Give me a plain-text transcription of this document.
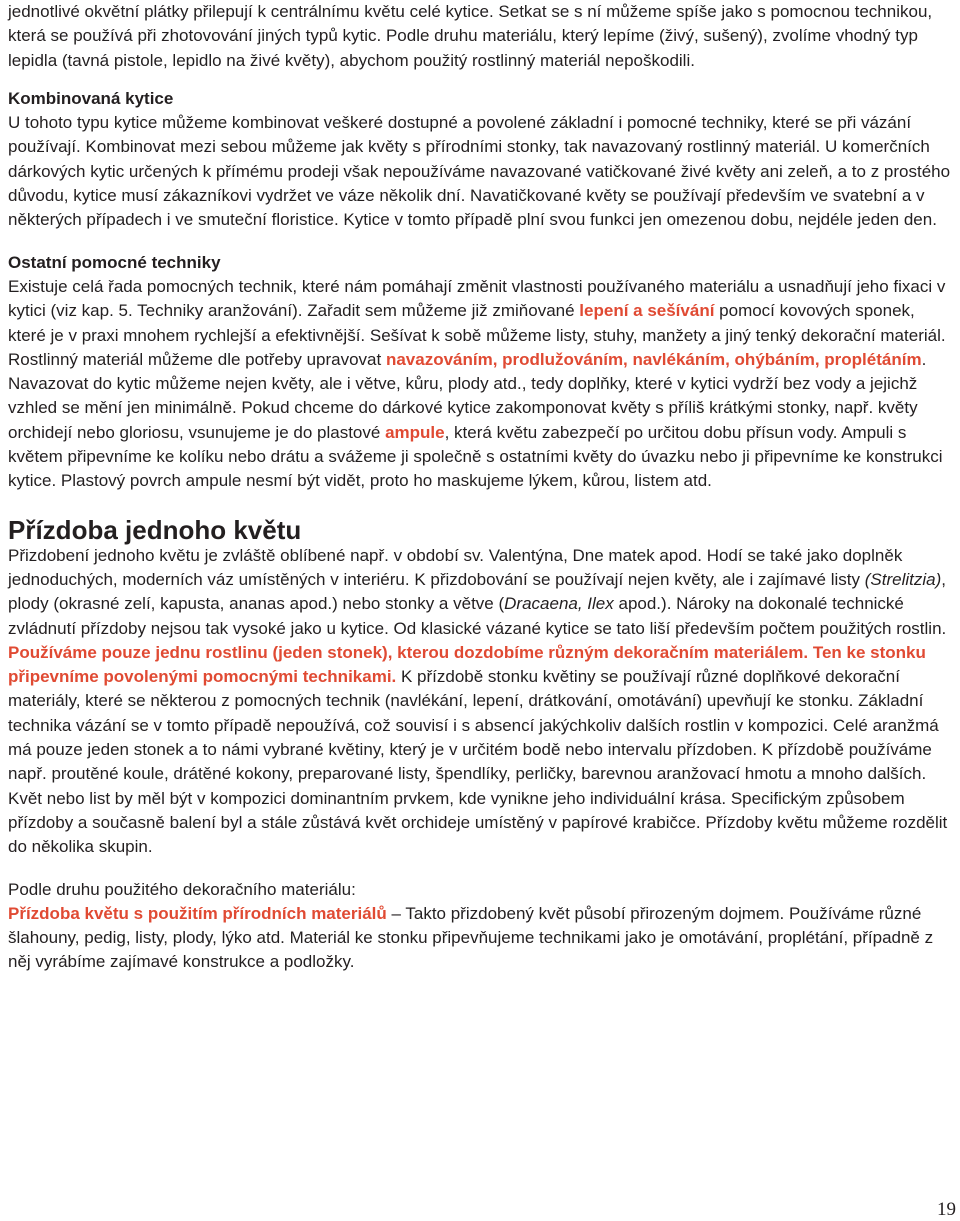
jednotlivé okvětní plátky přilepují k centrálnímu květu celé kytice. Setkat se s ní můžeme spíše jako s pomocnou technikou, která se používá při zhotovování jiných typů kytic. Podle druhu materiálu, který lepíme (živý, sušený), zvolíme vhodný typ lepidla (tavná pistole, lepidlo na živé květy), abychom použitý rostlinný materiál nepoškodili.

Kombinovaná kytice

U tohoto typu kytice můžeme kombinovat veškeré dostupné a povolené základní i pomocné techniky, které se při vázání používají. Kombinovat mezi sebou můžeme jak květy s přírodními stonky, tak navazovaný rostlinný materiál. U komerčních dárkových kytic určených k přímému prodeji však nepoužíváme navazované vatičkované živé květy ani zeleň, a to z prostého důvodu, kytice musí zákazníkovi vydržet ve váze několik dní. Navatičkované květy se používají především ve svatební a v některých případech i ve smuteční floristice. Kytice v tomto případě plní svou funkci jen omezenou dobu, nejdéle jeden den.

Ostatní pomocné techniky

Existuje celá řada pomocných technik, které nám pomáhají změnit vlastnosti používaného materiálu a usnadňují jeho fixaci v kytici (viz kap. 5. Techniky aranžování). Zařadit sem můžeme již zmiňované lepení a sešívání pomocí kovových sponek, které je v praxi mnohem rychlejší a efektivnější. Sešívat k sobě můžeme listy, stuhy, manžety a jiný tenký dekorační materiál. Rostlinný materiál můžeme dle potřeby upravovat navazováním, prodlužováním, navlékáním, ohýbáním, proplétáním. Navazovat do kytic můžeme nejen květy, ale i větve, kůru, plody atd., tedy doplňky, které v kytici vydrží bez vody a jejichž vzhled se mění jen minimálně. Pokud chceme do dárkové kytice zakomponovat květy s příliš krátkými stonky, např. květy orchidejí nebo gloriosu, vsunujeme je do plastové ampule, která květu zabezpečí po určitou dobu přísun vody. Ampuli s květem připevníme ke kolíku nebo drátu a svážeme ji společně s ostatními květy do úvazku nebo ji připevníme ke konstrukci kytice. Plastový povrch ampule nesmí být vidět, proto ho maskujeme lýkem, kůrou, listem atd.

Přízdoba jednoho květu

Přizdobení jednoho květu je zvláště oblíbené např. v období sv. Valentýna, Dne matek apod. Hodí se také jako doplněk jednoduchých, moderních váz umístěných v interiéru. K přizdobování se používají nejen květy, ale i zajímavé listy (Strelitzia), plody (okrasné zelí, kapusta, ananas apod.) nebo stonky a větve (Dracaena, Ilex apod.). Nároky na dokonalé technické zvládnutí přízdoby nejsou tak vysoké jako u kytice. Od klasické vázané kytice se tato liší především počtem použitých rostlin. Používáme pouze jednu rostlinu (jeden stonek), kterou dozdobíme různým dekoračním materiálem. Ten ke stonku připevníme povolenými pomocnými technikami. K přízdobě stonku květiny se používají různé doplňkové dekorační materiály, které se některou z pomocných technik (navlékání, lepení, drátkování, omotávání) upevňují ke stonku. Základní technika vázání se v tomto případě nepoužívá, což souvisí i s absencí jakýchkoliv dalších rostlin v kompozici. Celé aranžmá má pouze jeden stonek a to námi vybrané květiny, který je v určitém bodě nebo intervalu přízdoben. K přízdobě používáme např. proutěné koule, drátěné kokony, preparované listy, špendlíky, perličky, barevnou aranžovací hmotu a mnoho dalších. Květ nebo list by měl být v kompozici dominantním prvkem, kde vynikne jeho individuální krása. Specifickým způsobem přízdoby a současně balení byl a stále zůstává květ orchideje umístěný v papírové krabičce. Přízdoby květu můžeme rozdělit do několika skupin.

Podle druhu použitého dekoračního materiálu:

Přízdoba květu s použitím přírodních materiálů – Takto přizdobený květ působí přirozeným dojmem. Používáme různé šlahouny, pedig, listy, plody, lýko atd. Materiál ke stonku připevňujeme technikami jako je omotávání, proplétání, případně z něj vyrábíme zajímavé konstrukce a podložky.

19
